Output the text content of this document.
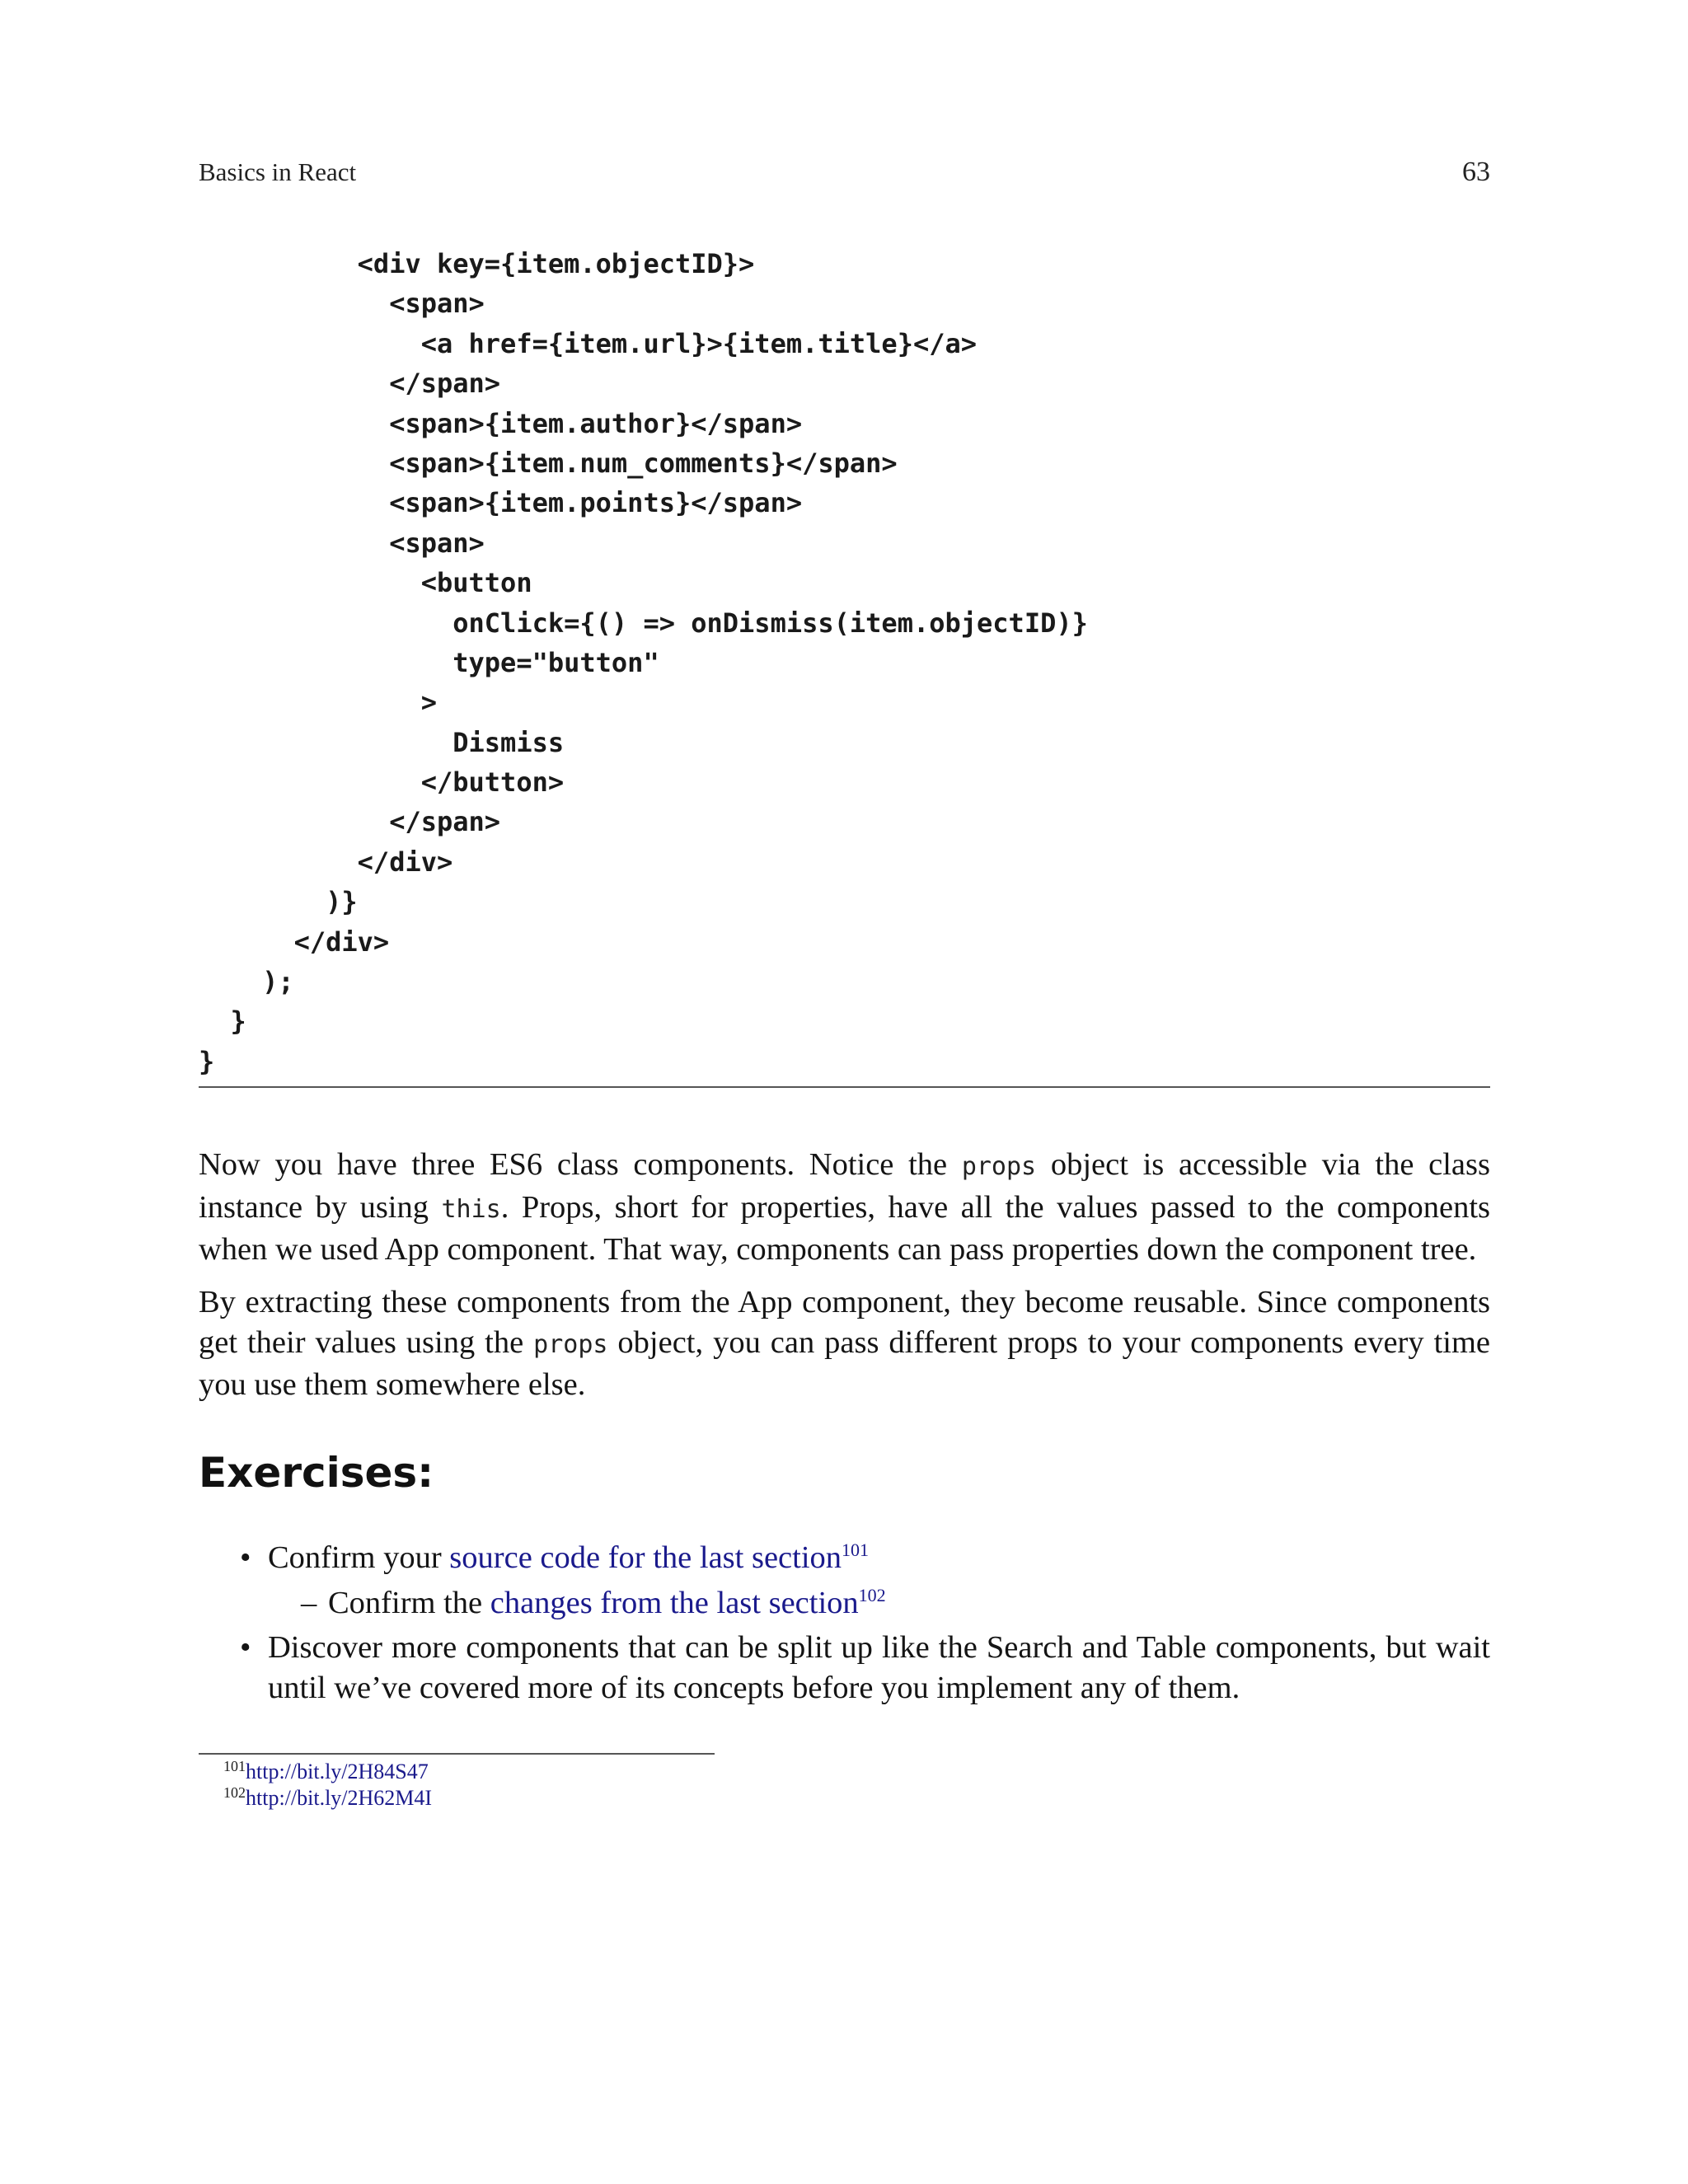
Basics in React	63
<div key={item.objectID}>
<span>
<a href={item.url}>{item.title}</a>
</span>
<span>{item.author}</span>
<span>{item.num_comments}</span>
<span>{item.points}</span>
<span>
<button
onClick={() => onDismiss(item.objectID)}
type="button"
>
Dismiss
</button>
</span>
</div>
)}
</div>
);
}
}

Now you have three ES6 class components. Notice the props object is accessible via the class instance by using this. Props, short for properties, have all the values passed to the components when we used App component. That way, components can pass properties down the component tree.

By extracting these components from the App component, they become reusable. Since components get their values using the props object, you can pass different props to your components every time you use them somewhere else.

Exercises:
• Confirm your source code for the last section$^{101}$
– Confirm the changes from the last section$^{102}$
• Discover more components that can be split up like the Search and Table components, but wait until we’ve covered more of its concepts before you implement any of them.
$^{101}$http://bit.ly/2H84S47
$^{102}$http://bit.ly/2H62M4I
